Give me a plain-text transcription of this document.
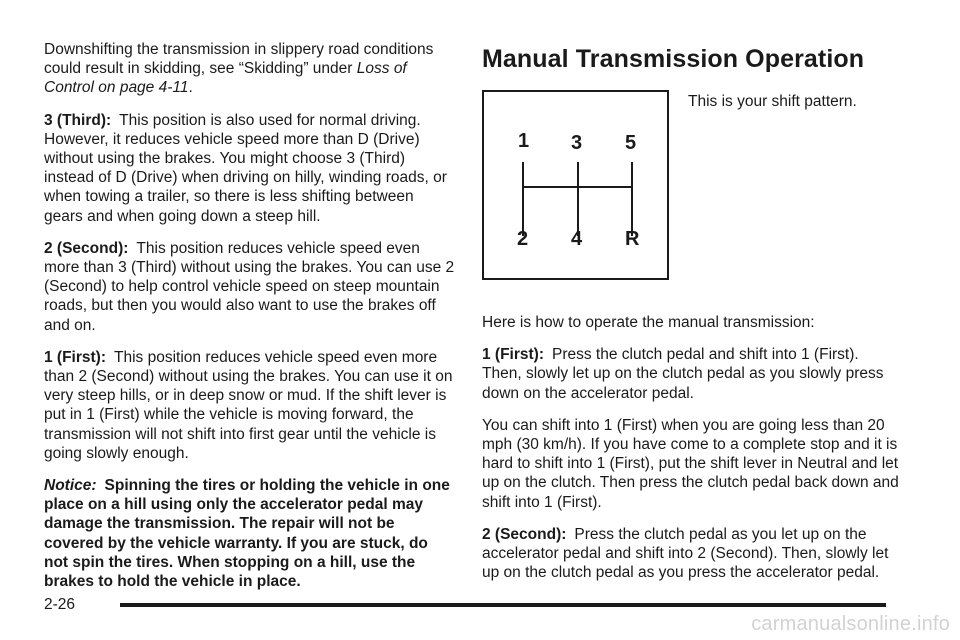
Downshifting the transmission in slippery road conditions could result in skidding, see “Skidding” under Loss of Control on page 4-11.

3 (Third): This position is also used for normal driving. However, it reduces vehicle speed more than D (Drive) without using the brakes. You might choose 3 (Third) instead of D (Drive) when driving on hilly, winding roads, or when towing a trailer, so there is less shifting between gears and when going down a steep hill.

2 (Second): This position reduces vehicle speed even more than 3 (Third) without using the brakes. You can use 2 (Second) to help control vehicle speed on steep mountain roads, but then you would also want to use the brakes off and on.

1 (First): This position reduces vehicle speed even more than 2 (Second) without using the brakes. You can use it on very steep hills, or in deep snow or mud. If the shift lever is put in 1 (First) while the vehicle is moving forward, the transmission will not shift into first gear until the vehicle is going slowly enough.

Notice: Spinning the tires or holding the vehicle in one place on a hill using only the accelerator pedal may damage the transmission. The repair will not be covered by the vehicle warranty. If you are stuck, do not spin the tires. When stopping on a hill, use the brakes to hold the vehicle in place.

Manual Transmission Operation
1 3 5
2 4 R
This is your shift pattern.

Here is how to operate the manual transmission:

1 (First): Press the clutch pedal and shift into 1 (First). Then, slowly let up on the clutch pedal as you slowly press down on the accelerator pedal.

You can shift into 1 (First) when you are going less than 20 mph (30 km/h). If you have come to a complete stop and it is hard to shift into 1 (First), put the shift lever in Neutral and let up on the clutch. Then press the clutch pedal back down and shift into 1 (First).

2 (Second): Press the clutch pedal as you let up on the accelerator pedal and shift into 2 (Second). Then, slowly let up on the clutch pedal as you press the accelerator pedal.

2-26
carmanualsonline.info
